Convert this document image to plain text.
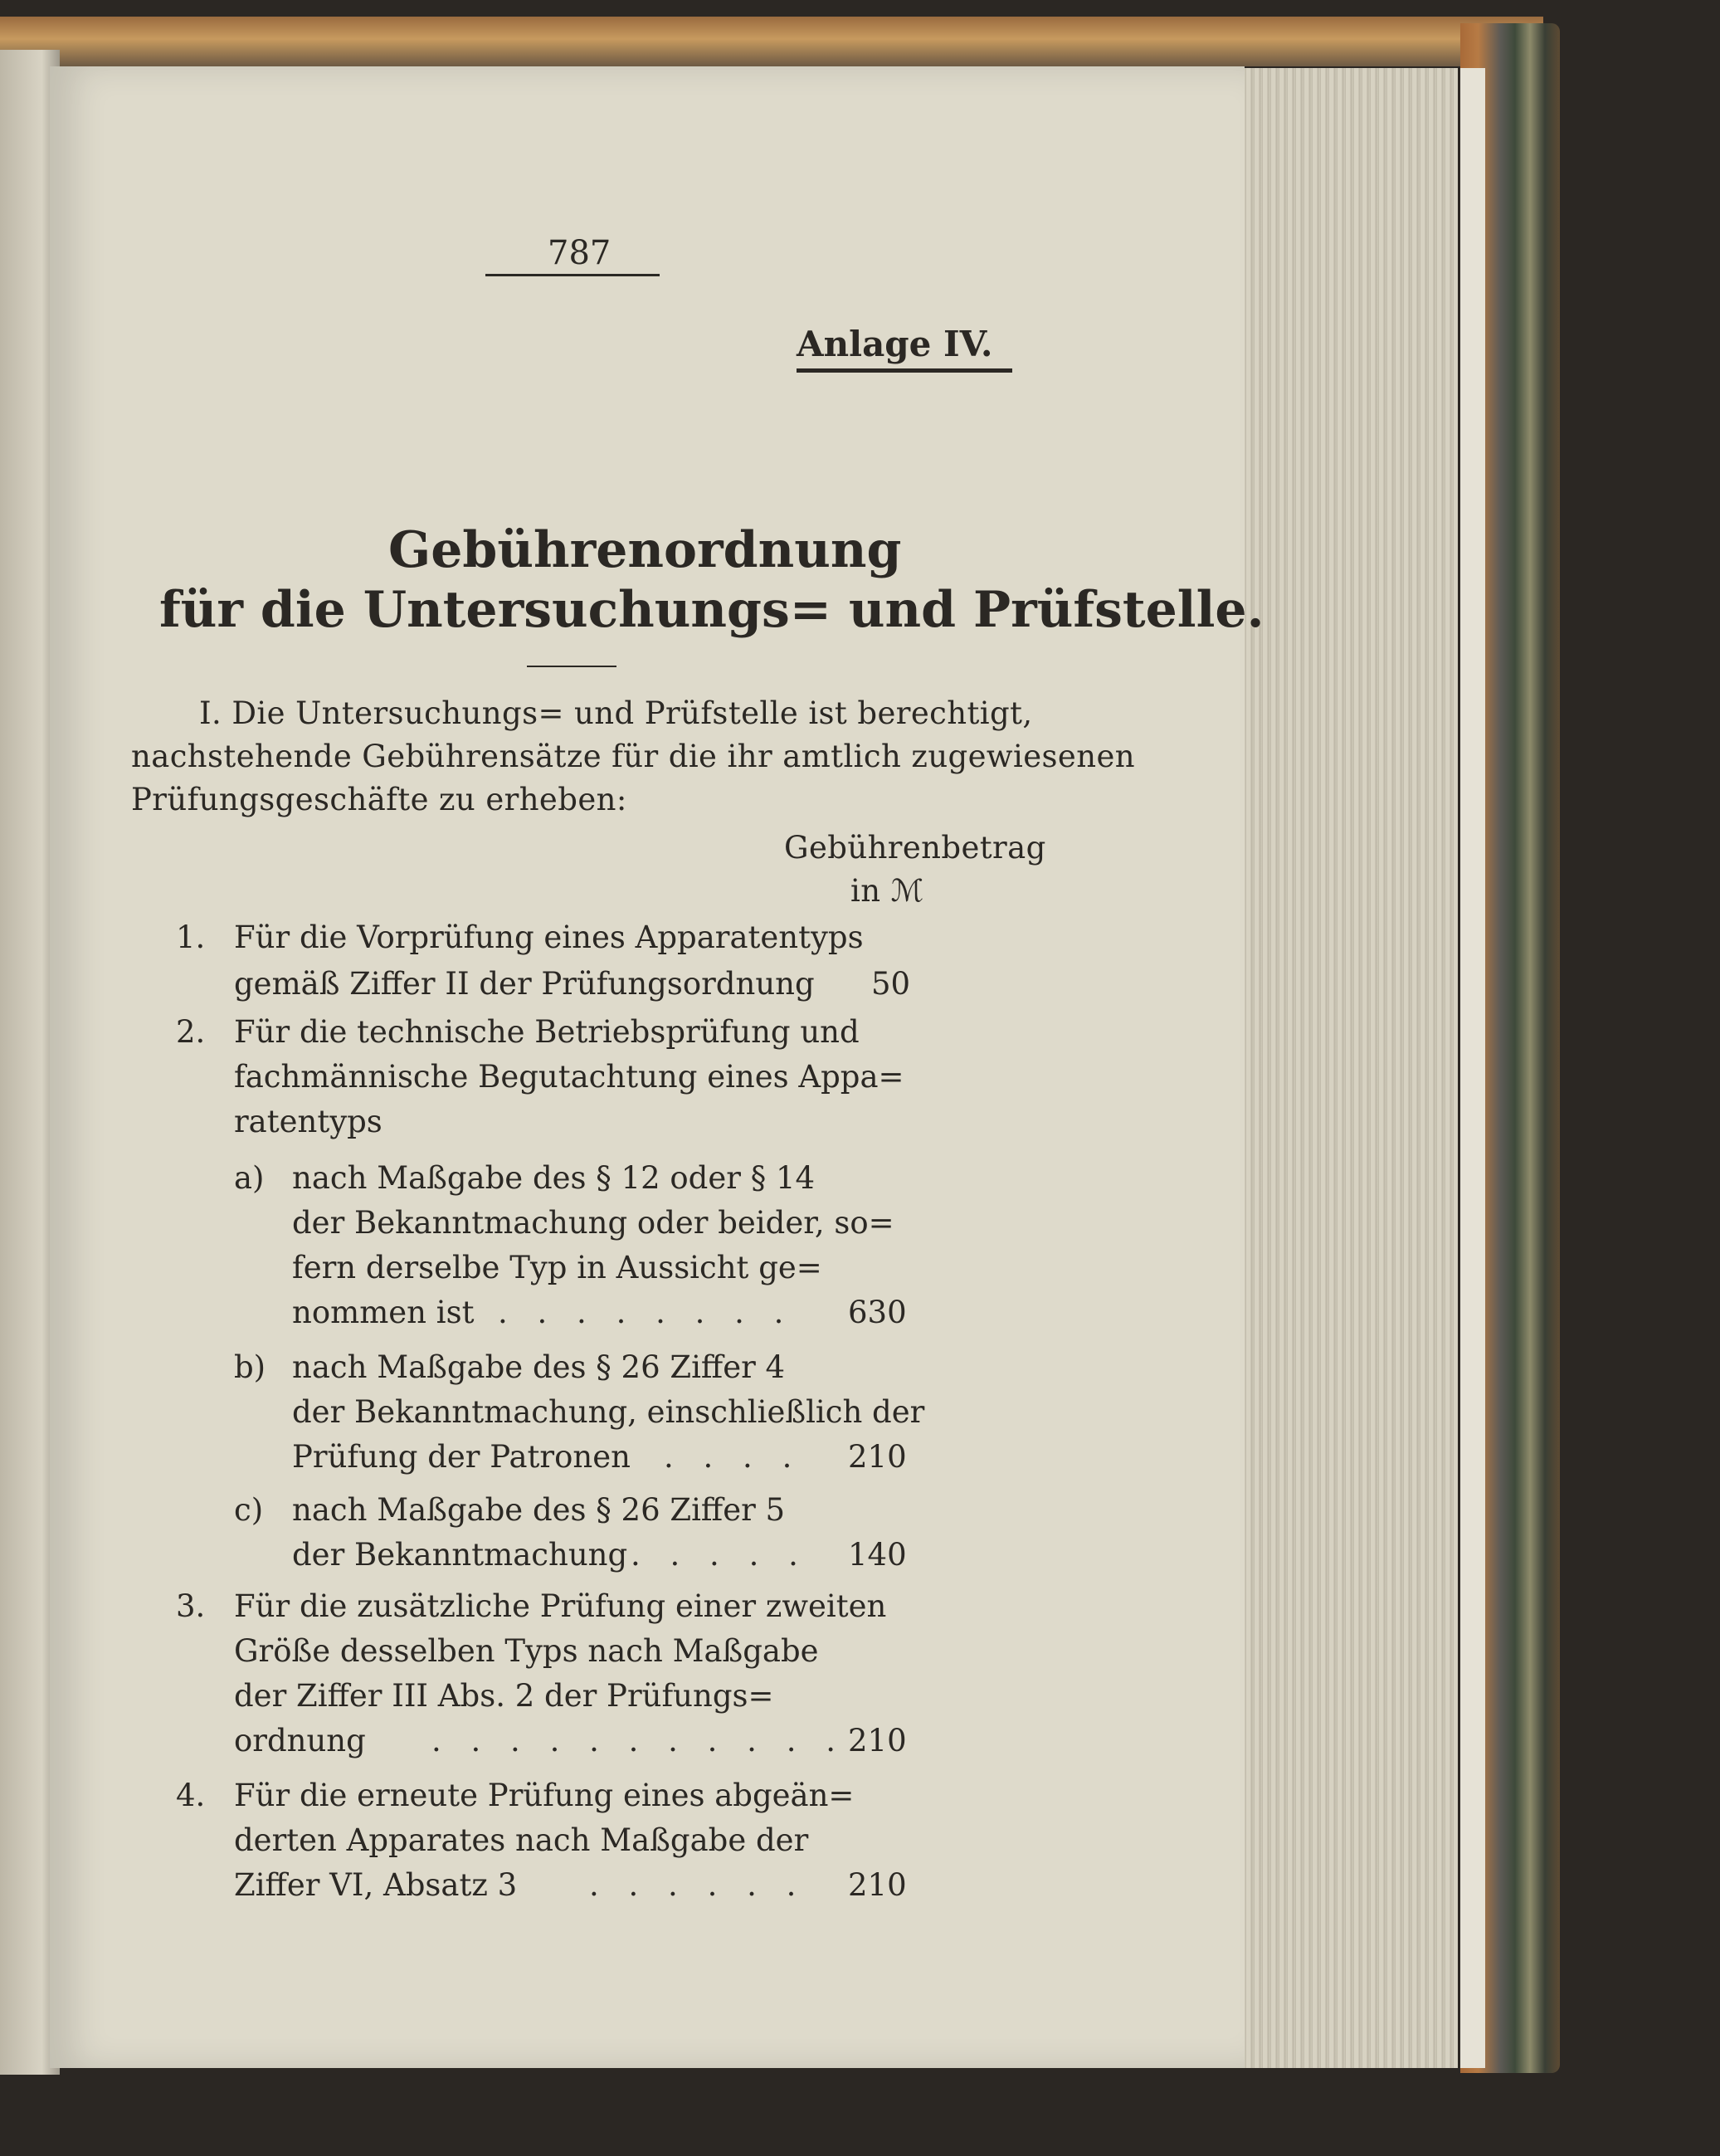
787
Anlage IV.
Gebührenordnung
für die Untersuchungs= und Prüfstelle.
I. Die Untersuchungs= und Prüfstelle ist berechtigt,
nachstehende Gebührensätze für die ihr amtlich zugewiesenen
Prüfungsgeschäfte zu erheben:
Gebührenbetrag
in ℳ
1. Für die Vorprüfung eines Apparatentyps
gemäß Ziffer II der Prüfungsordnung 50
2. Für die technische Betriebsprüfung und
fachmännische Begutachtung eines Appa=
ratentyps
a) nach Maßgabe des § 12 oder § 14
der Bekanntmachung oder beider, so=
fern derselbe Typ in Aussicht ge=
nommen ist . . . . . . . . 630
b) nach Maßgabe des § 26 Ziffer 4
der Bekanntmachung, einschließlich der
Prüfung der Patronen . . . . 210
c) nach Maßgabe des § 26 Ziffer 5
der Bekanntmachung . . . . . 140
3. Für die zusätzliche Prüfung einer zweiten
Größe desselben Typs nach Maßgabe
der Ziffer III Abs. 2 der Prüfungs=
ordnung . . . . . . . . . . . 210
4. Für die erneute Prüfung eines abgeän=
derten Apparates nach Maßgabe der
Ziffer VI, Absatz 3 . . . . . . 210
